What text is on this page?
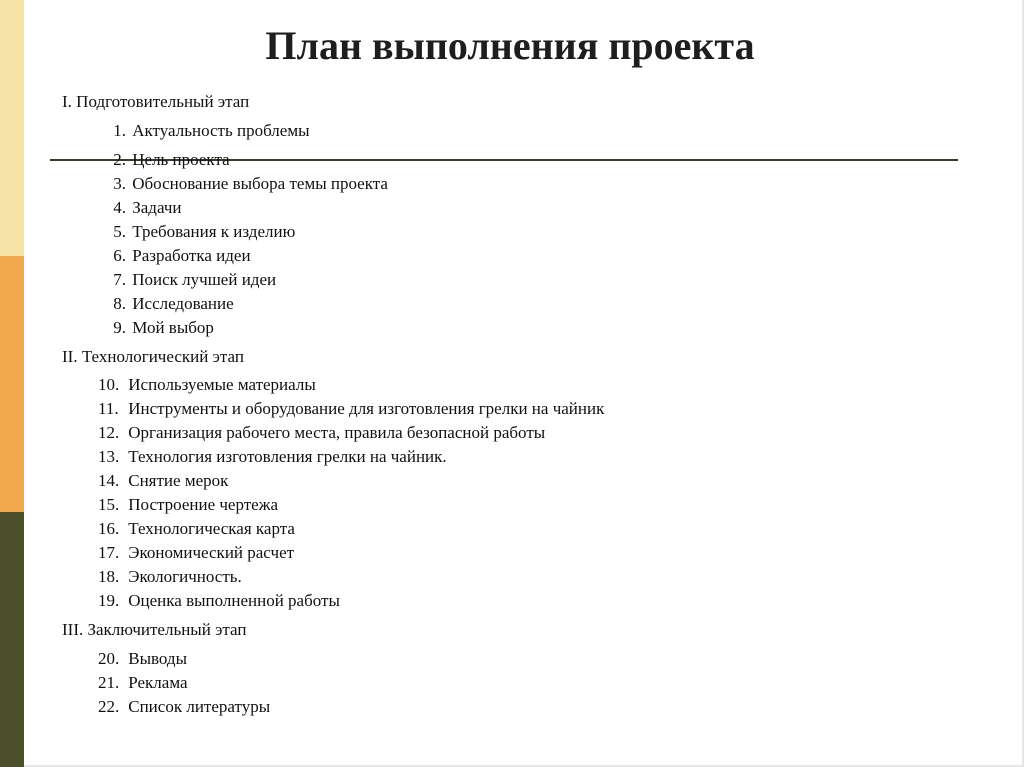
План выполнения проекта
I. Подготовительный этап
1. Актуальность проблемы
2. Цель проекта
3. Обоснование выбора темы проекта
4. Задачи
5. Требования к изделию
6. Разработка идеи
7. Поиск лучшей идеи
8. Исследование
9. Мой выбор
II. Технологический этап
10. Используемые материалы
11. Инструменты и оборудование для изготовления грелки на чайник
12. Организация рабочего места, правила безопасной работы
13. Технология изготовления грелки на чайник.
14. Снятие мерок
15. Построение чертежа
16. Технологическая карта
17. Экономический расчет
18. Экологичность.
19. Оценка выполненной работы
III. Заключительный этап
20. Выводы
21. Реклама
22. Список литературы
